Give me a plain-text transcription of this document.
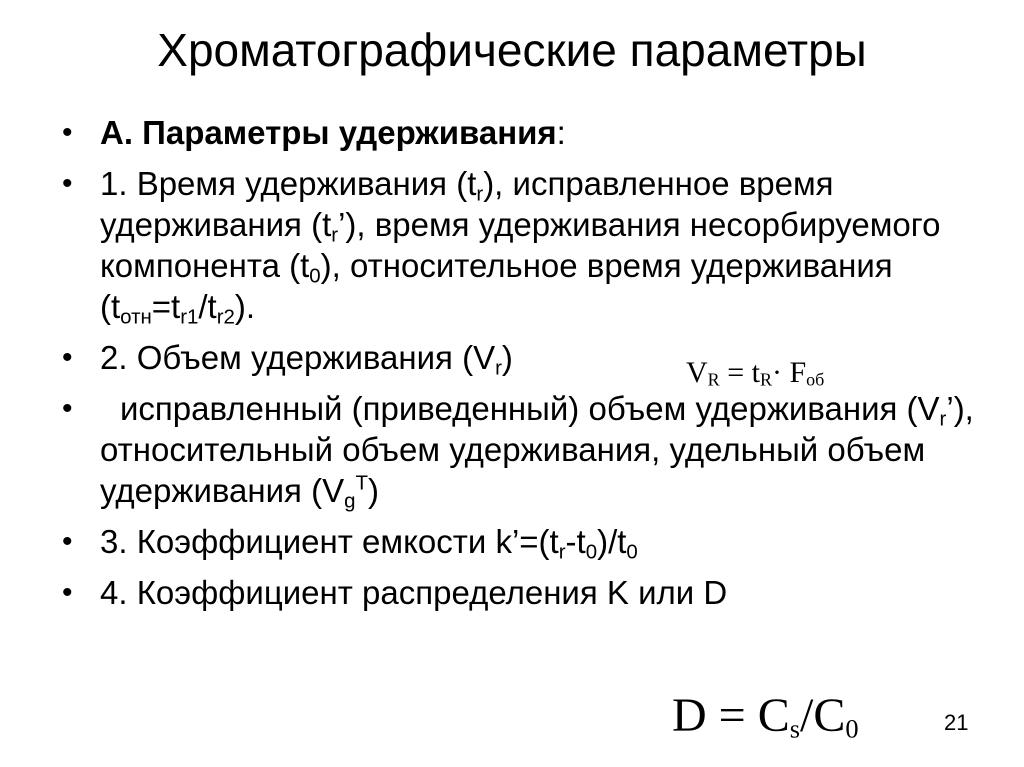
Хроматографические параметры
• А. Параметры удерживания:
• 1. Время удерживания $(t_r)$, исправленное время удерживания $(t_r’)$, время удерживания несорбируемого компонента $(t_0)$, относительное время удерживания $(t_{отн}=t_{r1}/t_{r2})$.
• 2. Объем удерживания $(V_r)$
• исправленный (приведенный) объем удерживания $(V_r’)$, относительный объем удерживания, удельный объем удерживания $(V_g^T)$
• 3. Коэффициент емкости $k’=(t_r-t_0)/t_0$
• 4. Коэффициент распределения K или D
$V_R = t_R\cdot F_{об}$
$D = C_s/C_0$	21
